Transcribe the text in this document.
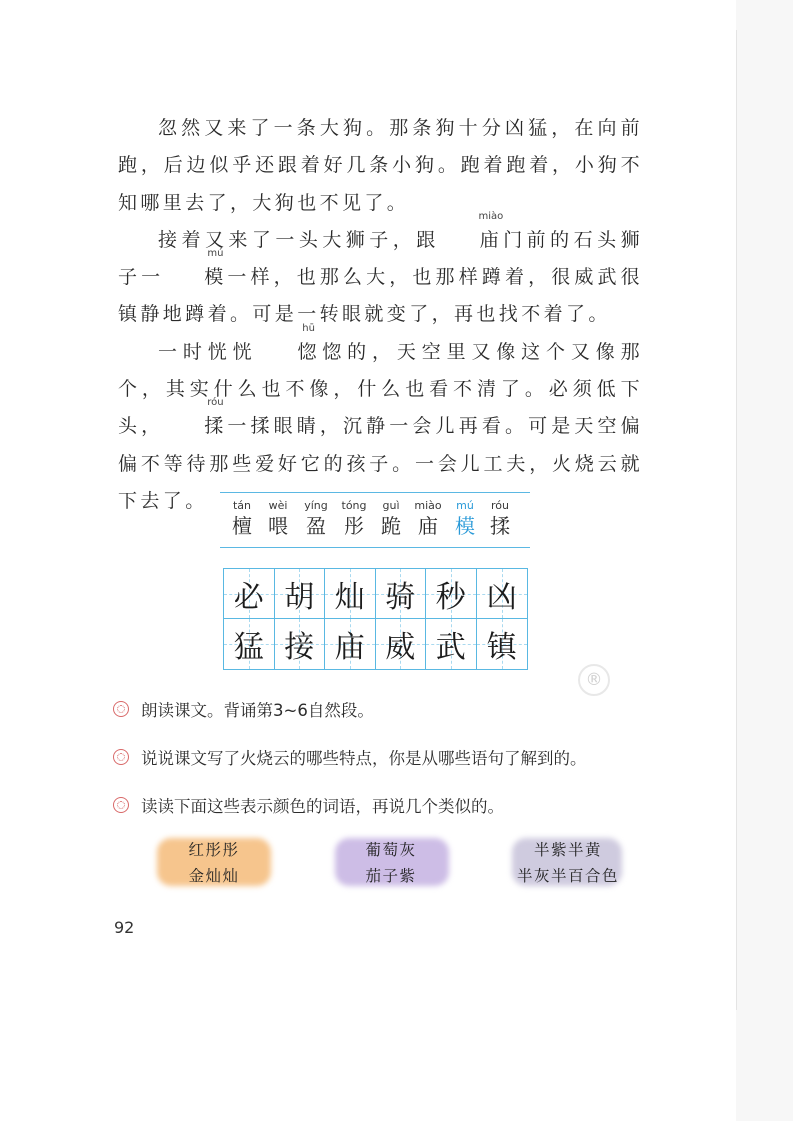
忽然又来了一条大狗。那条狗十分凶猛，在向前跑，后边似乎还跟着好几条小狗。跑着跑着，小狗不知哪里去了，大狗也不见了。

接着又来了一头大狮子，跟
miào
庙门前的石头狮子一
mú
模一样，也那么大，也那样蹲着，很威武很镇静地蹲着。可是一转眼就变了，再也找不着了。

一时恍恍
hū
惚惚的，天空里又像这个又像那个，其实什么也不像，什么也看不清了。必须低下头，
róu
揉一揉眼睛，沉静一会儿再看。可是天空偏偏不等待那些爱好它的孩子。一会儿工夫，火烧云就下去了。	tán
檀
wèi
喂
yíng
盈
tóng
彤
guì
跪
miào
庙
mú
模
róu
揉
必 胡 灿 骑 秒 凶
猛 接 庙 威 武 镇
®
朗读课文。背诵第3~6自然段。
说说课文写了火烧云的哪些特点，你是从哪些语句了解到的。
读读下面这些表示颜色的词语，再说几个类似的。
红彤彤
金灿灿
葡萄灰
茄子紫
半紫半黄
半灰半百合色
92
